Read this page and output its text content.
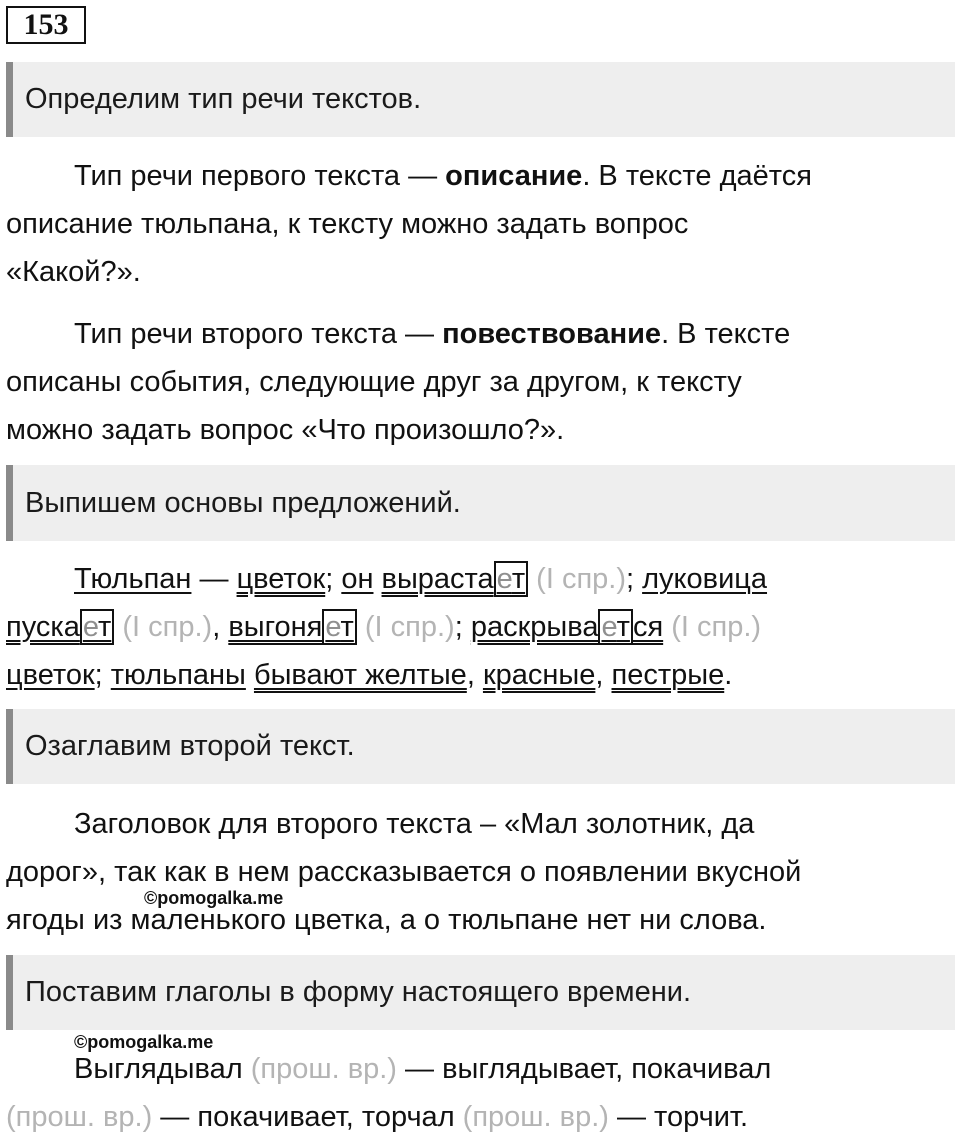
153
Определим тип речи текстов.
Тип речи первого текста — описание. В тексте даётся
описание тюльпана, к тексту можно задать вопрос
«Какой?».
Тип речи второго текста — повествование. В тексте
описаны события, следующие друг за другом, к тексту
можно задать вопрос «Что произошло?».
Выпишем основы предложений.
Тюльпан — цветок; он выраста ет (I спр.); луковица
пуска ет (I спр.), выгоня ет (I спр.); раскрыва ет ся (I спр.)
цветок; тюльпаны бывают желтые, красные, пестрые.
Озаглавим второй текст.
Заголовок для второго текста – «Мал золотник, да
дорог», так как в нем рассказывается о появлении вкусной
ягоды из маленького цветка, а о тюльпане нет ни слова.
©pomogalka.me
Поставим глаголы в форму настоящего времени.
©pomogalka.me
Выглядывал (прош. вр.) — выглядывает, покачивал
(прош. вр.) — покачивает, торчал (прош. вр.) — торчит.
